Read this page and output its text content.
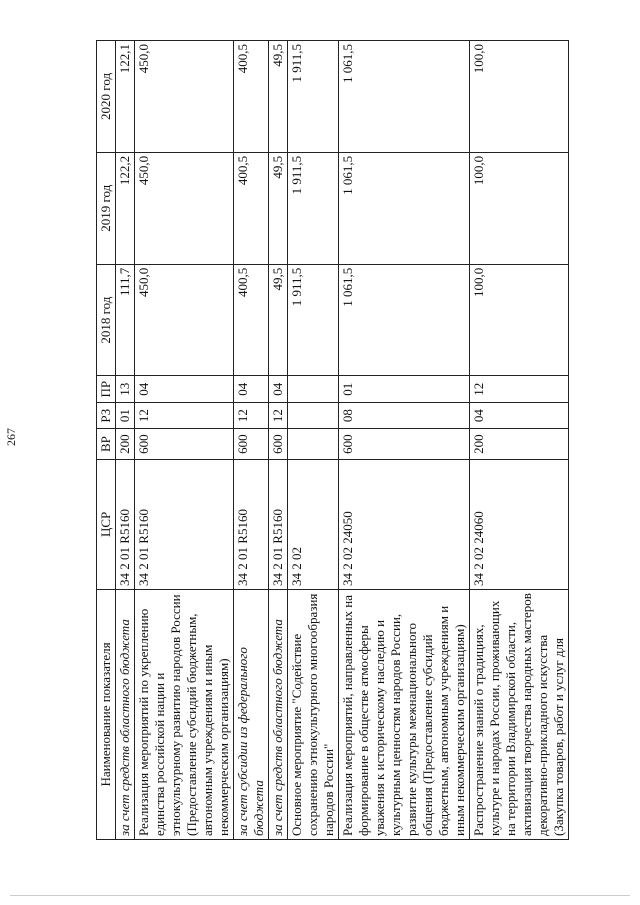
267
Наименование показателя	ЦСР	ВР	РЗ	ПР	2018 год	2019 год	2020 год
за счет средств областного бюджета	34 2 01 R5160	200	01	13	111,7	122,2	122,1
Реализация мероприятий по укреплению единства российской нации и этнокультурному развитию народов России (Предоставление субсидий бюджетным, автономным учреждениям и иным некоммерческим организациям)	34 2 01 R5160	600	12	04	450,0	450,0	450,0
за счет субсидии из федерального бюджета	34 2 01 R5160	600	12	04	400,5	400,5	400,5
за счет средств областного бюджета	34 2 01 R5160	600	12	04	49,5	49,5	49,5
Основное мероприятие "Содействие сохранению этнокультурного многообразия народов России"	34 2 02				1 911,5	1 911,5	1 911,5
Реализация мероприятий, направленных на формирование в обществе атмосферы уважения к историческому наследию и культурным ценностям народов России, развитие культуры межнационального общения (Предоставление субсидий бюджетным, автономным учреждениям и иным некоммерческим организациям)	34 2 02 24050	600	08	01	1 061,5	1 061,5	1 061,5
Распространение знаний о традициях, культуре и народах России, проживающих на территории Владимирской области, активизация творчества народных мастеров декоративно-прикладного искусства (Закупка товаров, работ и услуг для	34 2 02 24060	200	04	12	100,0	100,0	100,0
